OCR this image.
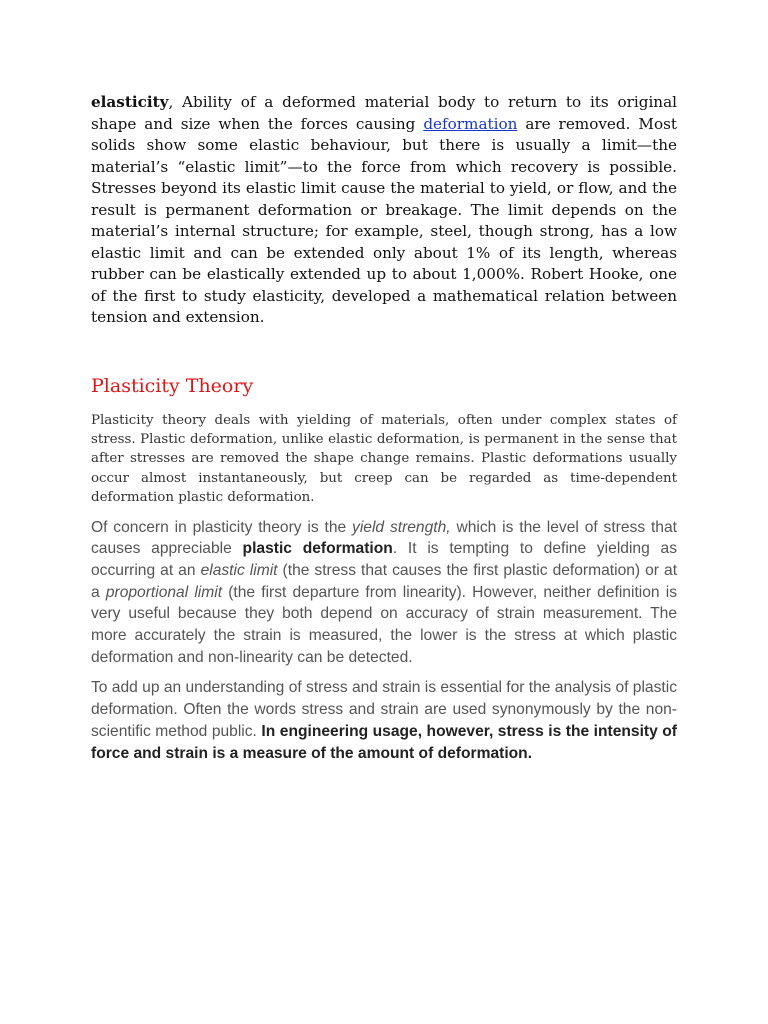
elasticity, Ability of a deformed material body to return to its original shape and size when the forces causing deformation are removed. Most solids show some elastic behaviour, but there is usually a limit—the material’s “elastic limit”—to the force from which recovery is possible. Stresses beyond its elastic limit cause the material to yield, or flow, and the result is permanent deformation or breakage. The limit depends on the material’s internal structure; for example, steel, though strong, has a low elastic limit and can be extended only about 1% of its length, whereas rubber can be elastically extended up to about 1,000%. Robert Hooke, one of the first to study elasticity, developed a mathematical relation between tension and extension.

Plasticity Theory

Plasticity theory deals with yielding of materials, often under complex states of stress. Plastic deformation, unlike elastic deformation, is permanent in the sense that after stresses are removed the shape change remains. Plastic deformations usually occur almost instantaneously, but creep can be regarded as time-dependent deformation plastic deformation.

Of concern in plasticity theory is the yield strength, which is the level of stress that causes appreciable plastic deformation. It is tempting to define yielding as occurring at an elastic limit (the stress that causes the first plastic deformation) or at a proportional limit (the first departure from linearity). However, neither definition is very useful because they both depend on accuracy of strain measurement. The more accurately the strain is measured, the lower is the stress at which plastic deformation and non-linearity can be detected.

To add up an understanding of stress and strain is essential for the analysis of plastic deformation. Often the words stress and strain are used synonymously by the non-scientific method public. In engineering usage, however, stress is the intensity of force and strain is a measure of the amount of deformation.
